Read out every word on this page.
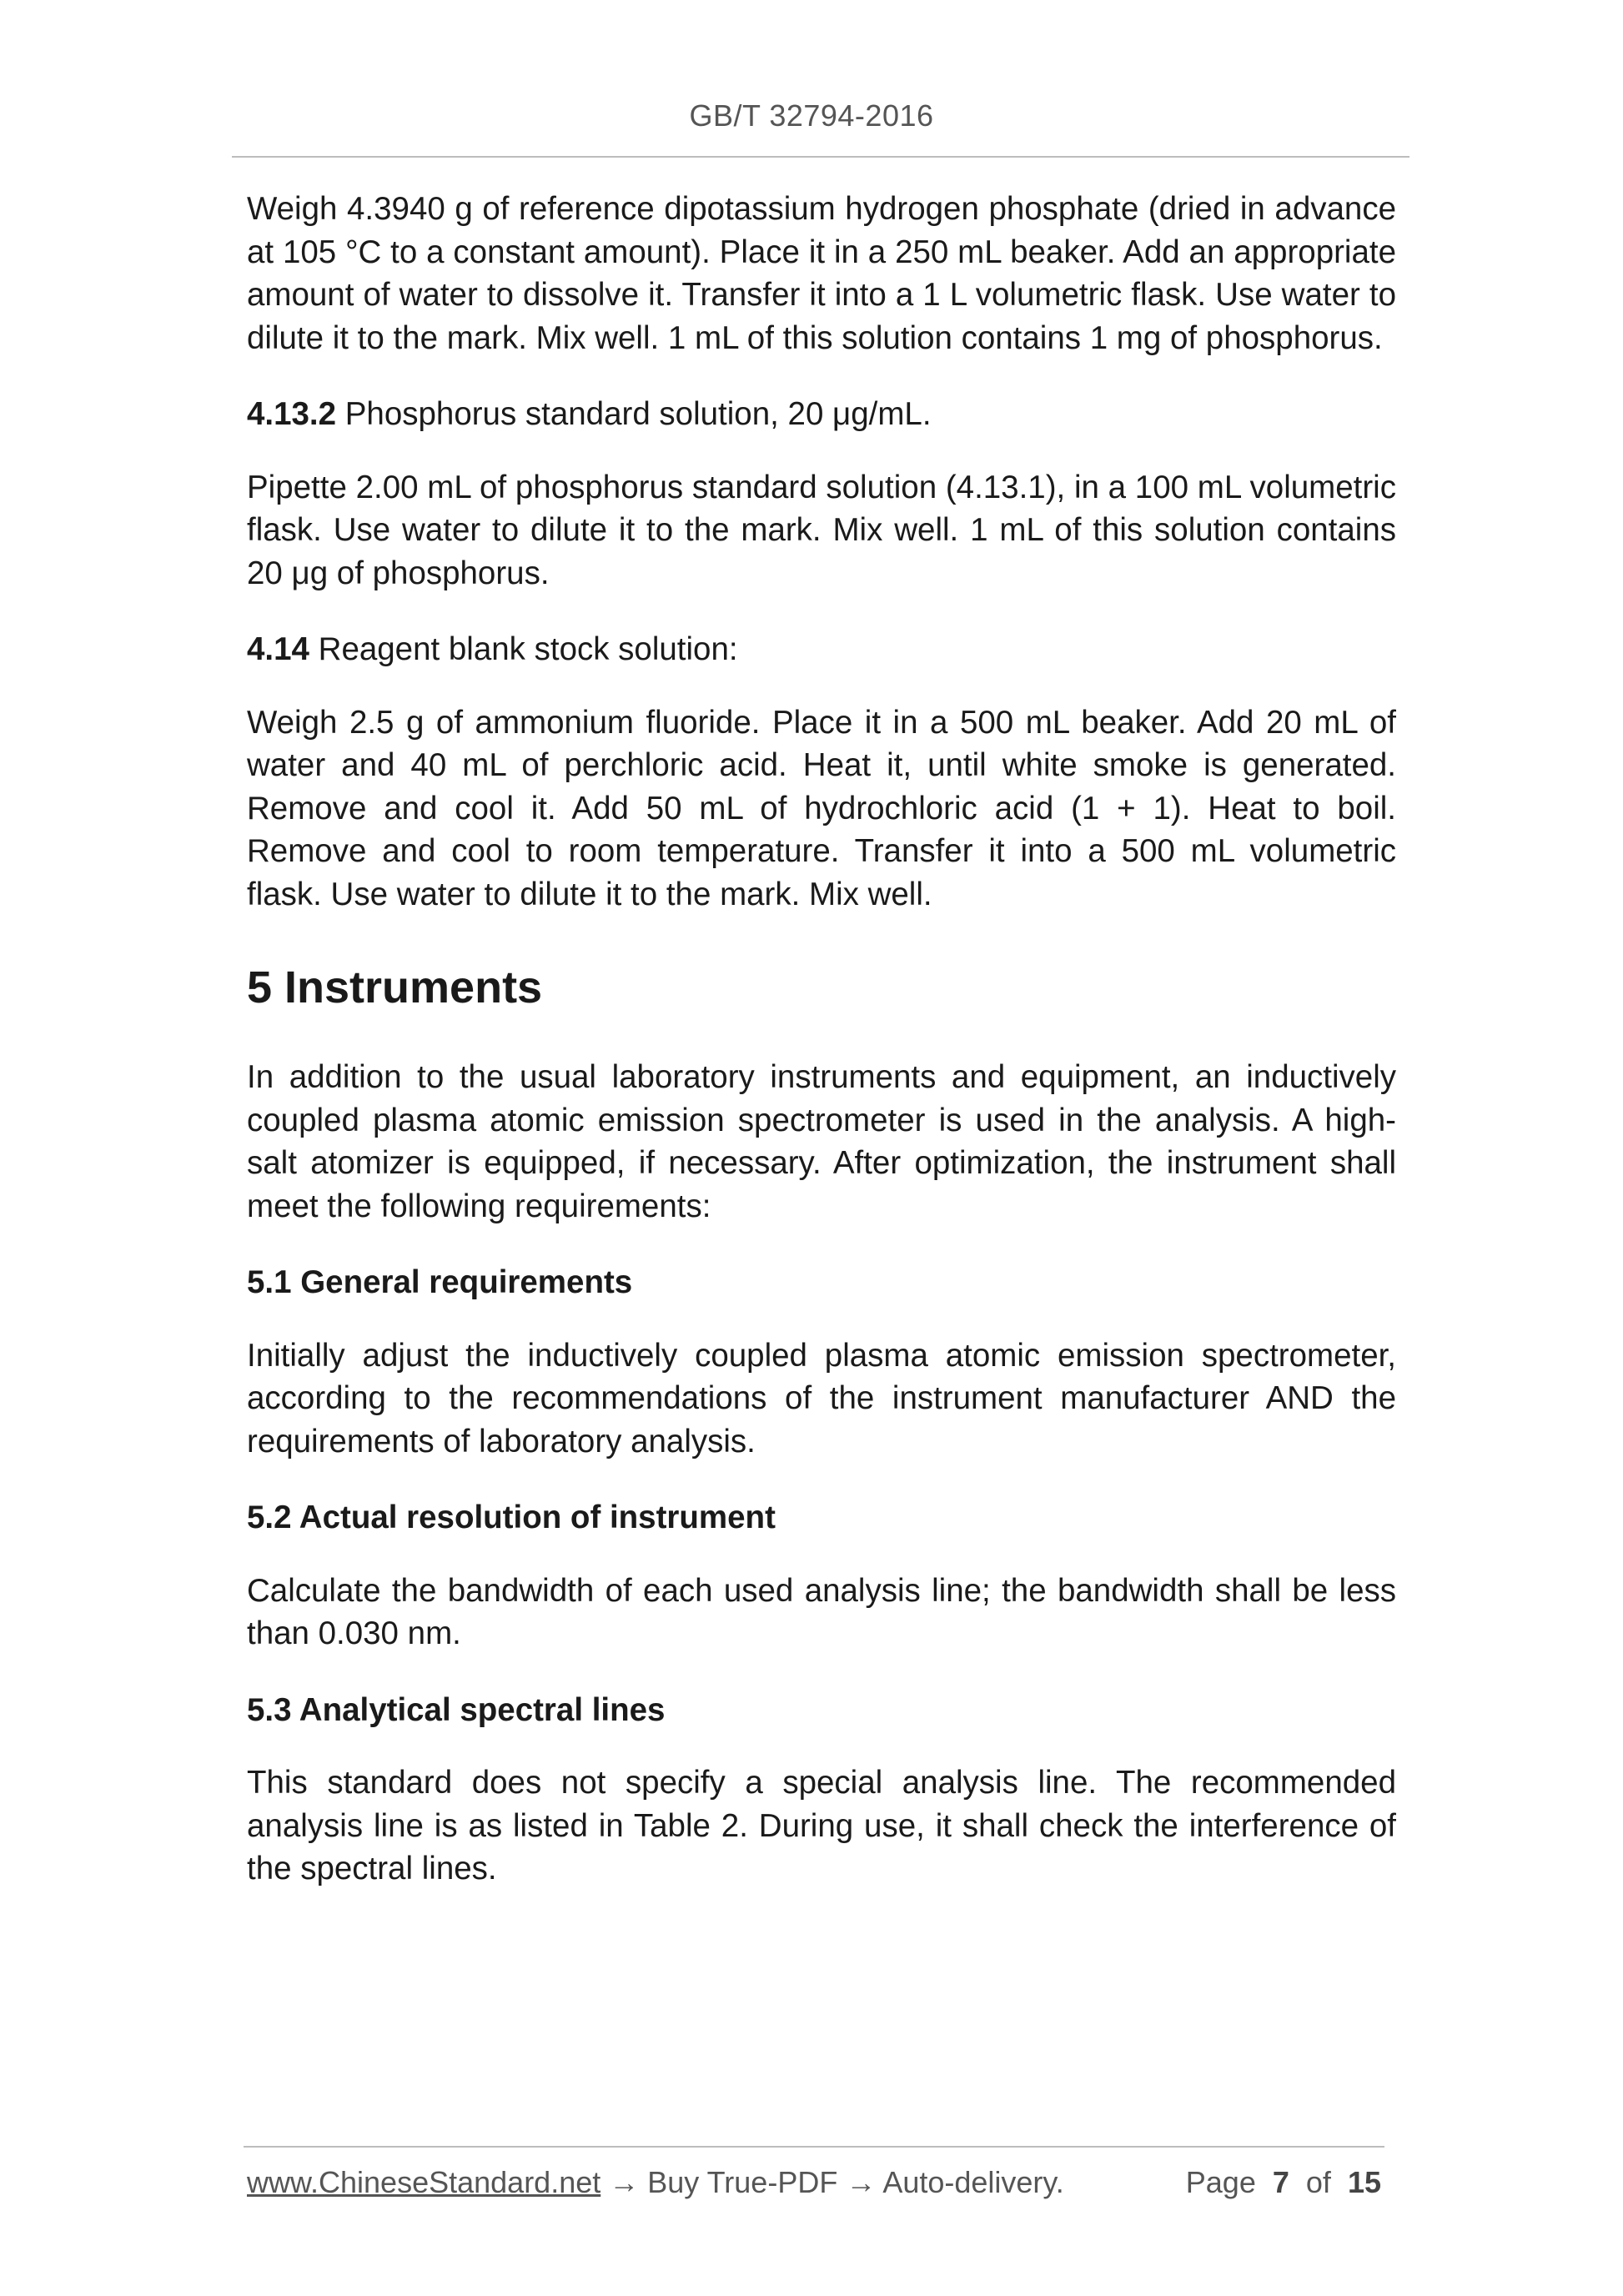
GB/T 32794-2016

Weigh 4.3940 g of reference dipotassium hydrogen phosphate (dried in advance at 105 °C to a constant amount). Place it in a 250 mL beaker. Add an appropriate amount of water to dissolve it. Transfer it into a 1 L volumetric flask. Use water to dilute it to the mark. Mix well. 1 mL of this solution contains 1 mg of phosphorus.

4.13.2 Phosphorus standard solution, 20 μg/mL.

Pipette 2.00 mL of phosphorus standard solution (4.13.1), in a 100 mL volumetric flask. Use water to dilute it to the mark. Mix well. 1 mL of this solution contains 20 μg of phosphorus.

4.14 Reagent blank stock solution:

Weigh 2.5 g of ammonium fluoride. Place it in a 500 mL beaker. Add 20 mL of water and 40 mL of perchloric acid. Heat it, until white smoke is generated. Remove and cool it. Add 50 mL of hydrochloric acid (1 + 1). Heat to boil. Remove and cool to room temperature. Transfer it into a 500 mL volumetric flask. Use water to dilute it to the mark. Mix well.

5 Instruments

In addition to the usual laboratory instruments and equipment, an inductively coupled plasma atomic emission spectrometer is used in the analysis. A high-salt atomizer is equipped, if necessary. After optimization, the instrument shall meet the following requirements:

5.1 General requirements

Initially adjust the inductively coupled plasma atomic emission spectrometer, according to the recommendations of the instrument manufacturer AND the requirements of laboratory analysis.

5.2 Actual resolution of instrument

Calculate the bandwidth of each used analysis line; the bandwidth shall be less than 0.030 nm.

5.3 Analytical spectral lines

This standard does not specify a special analysis line. The recommended analysis line is as listed in Table 2. During use, it shall check the interference of the spectral lines.

www.ChineseStandard.net → Buy True-PDF → Auto-delivery.	Page 7 of 15
